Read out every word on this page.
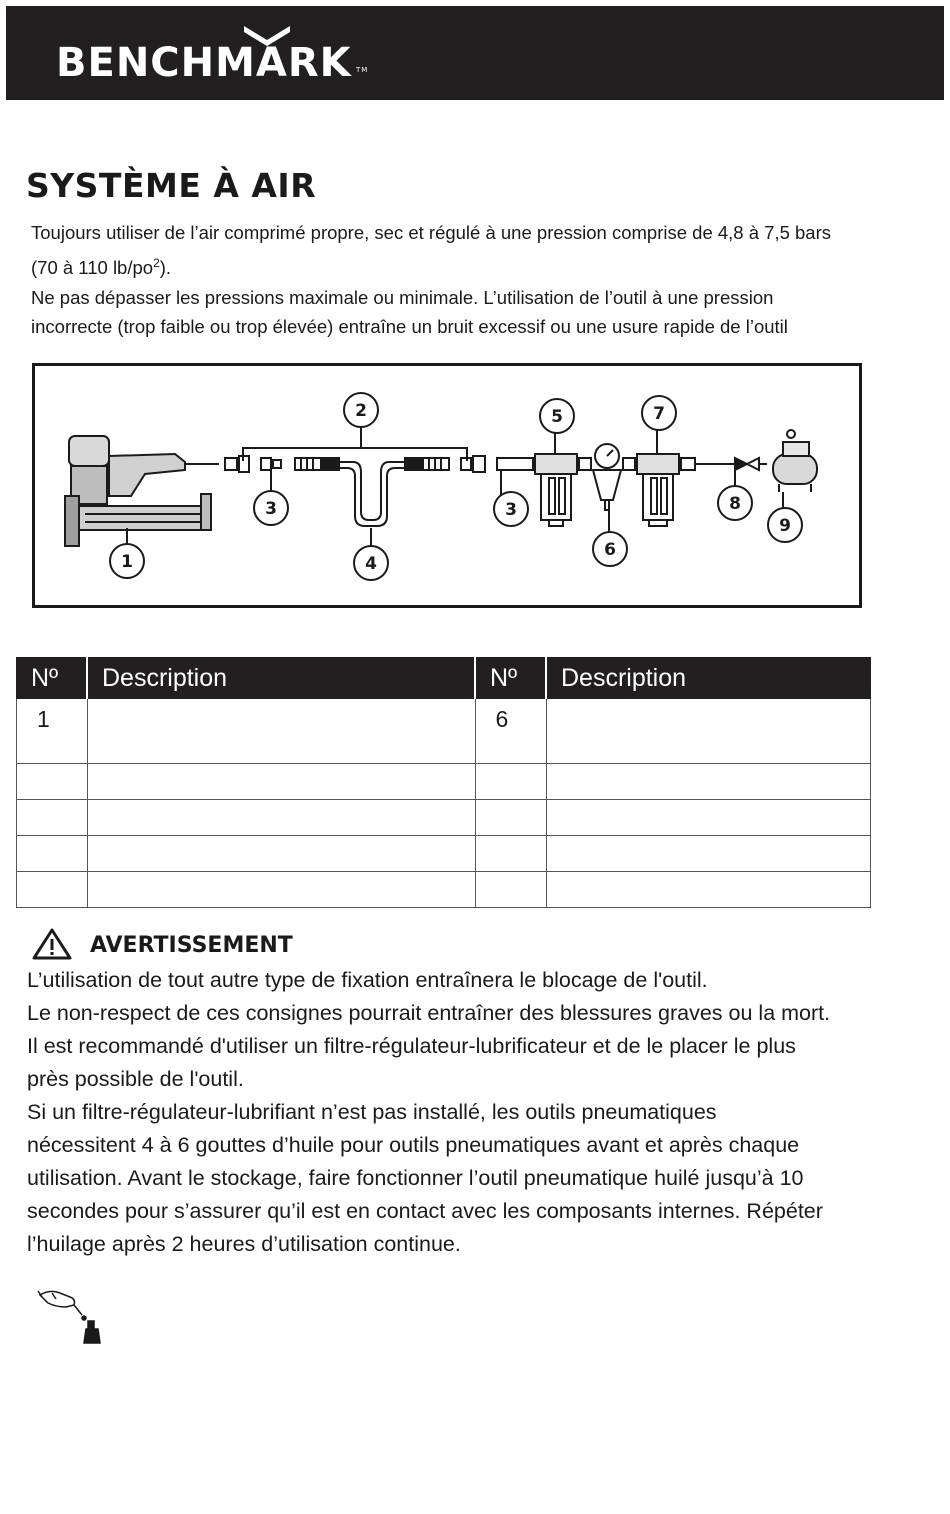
BENCHMARK TM
SYSTÈME À AIR

Toujours utiliser de l’air comprimé propre, sec et régulé à une pression comprise de 4,8 à 7,5 bars

(70 à 110 $lb/po^2$).

Ne pas dépasser les pressions maximale ou minimale. L’utilisation de l’outil à une pression

incorrecte (trop faible ou trop élevée) entraîne un bruit excessif ou une usure rapide de l’outil

1
2
3	3
4
5
6
7
8
9
Nº	Description	Nº	Description
1		6	

AVERTISSEMENT

L’utilisation de tout autre type de fixation entraînera le blocage de l'outil.

Le non-respect de ces consignes pourrait entraîner des blessures graves ou la mort.

Il est recommandé d'utiliser un filtre-régulateur-lubrificateur et de le placer le plus

près possible de l'outil.

Si un filtre-régulateur-lubrifiant n’est pas installé, les outils pneumatiques

nécessitent 4 à 6 gouttes d’huile pour outils pneumatiques avant et après chaque

utilisation. Avant le stockage, faire fonctionner l’outil pneumatique huilé jusqu’à 10

secondes pour s’assurer qu’il est en contact avec les composants internes. Répéter

l’huilage après 2 heures d’utilisation continue.
